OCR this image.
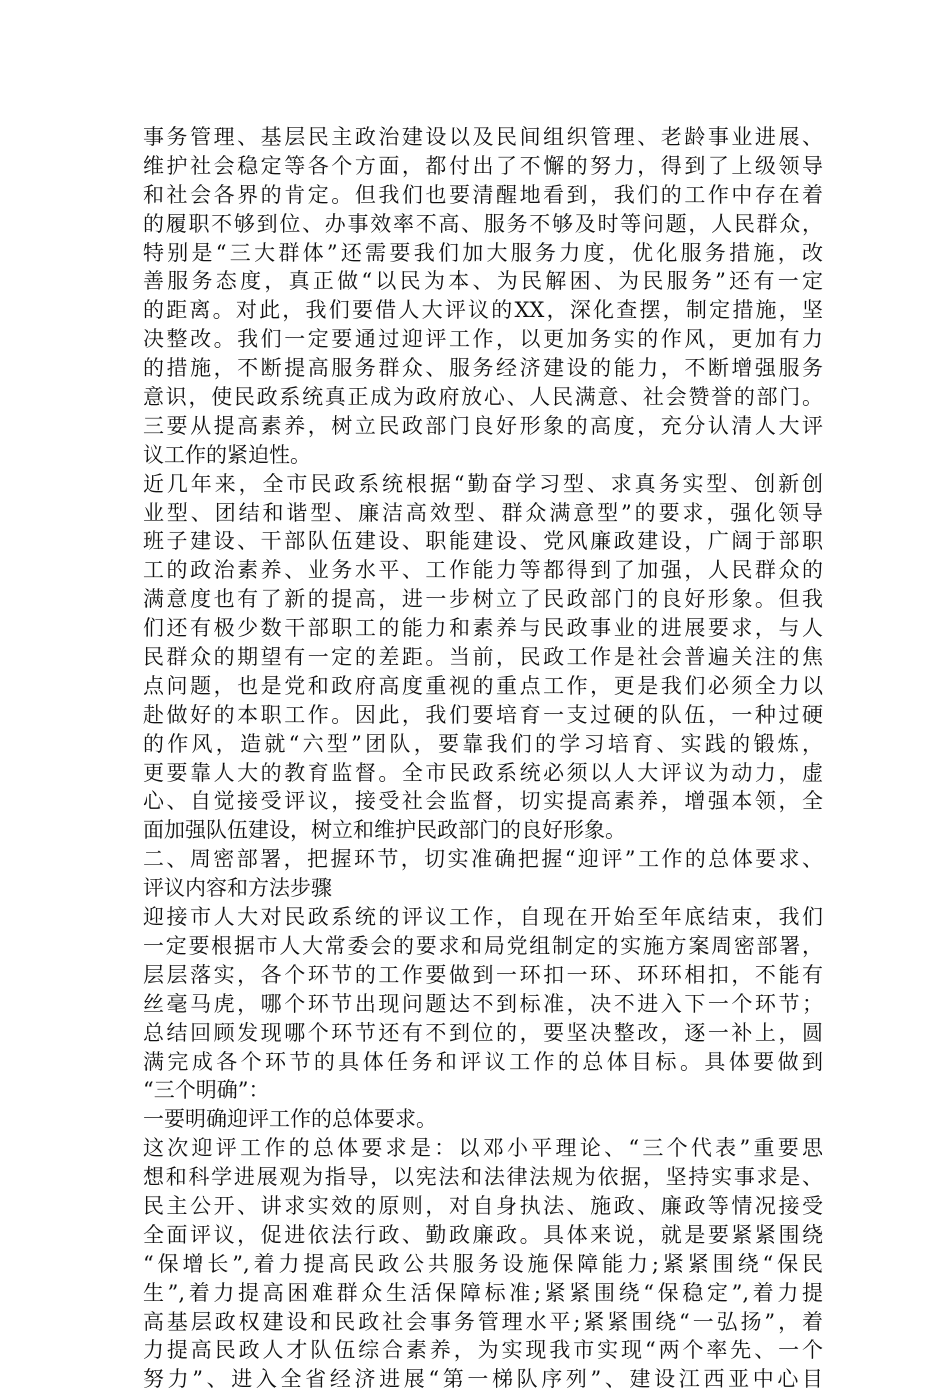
事务管理、基层民主政治建设以及民间组织管理、老龄事业进展、
维护社会稳定等各个方面，都付出了不懈的努力，得到了上级领导
和社会各界的肯定。但我们也要清醒地看到，我们的工作中存在着
的履职不够到位、办事效率不高、服务不够及时等问题，人民群众，
特别是“三大群体”还需要我们加大服务力度，优化服务措施，改
善服务态度，真正做“以民为本、为民解困、为民服务”还有一定
的距离。对此，我们要借人大评议的XX，深化查摆，制定措施，坚
决整改。我们一定要通过迎评工作，以更加务实的作风，更加有力
的措施，不断提高服务群众、服务经济建设的能力，不断增强服务
意识，使民政系统真正成为政府放心、人民满意、社会赞誉的部门。
三要从提高素养，树立民政部门良好形象的高度，充分认清人大评
议工作的紧迫性。
近几年来，全市民政系统根据“勤奋学习型、求真务实型、创新创
业型、团结和谐型、廉洁高效型、群众满意型”的要求，强化领导
班子建设、干部队伍建设、职能建设、党风廉政建设，广阔于部职
工的政治素养、业务水平、工作能力等都得到了加强，人民群众的
满意度也有了新的提高，进一步树立了民政部门的良好形象。但我
们还有极少数干部职工的能力和素养与民政事业的进展要求，与人
民群众的期望有一定的差距。当前，民政工作是社会普遍关注的焦
点问题，也是党和政府高度重视的重点工作，更是我们必须全力以
赴做好的本职工作。因此，我们要培育一支过硬的队伍，一种过硬
的作风，造就“六型”团队，要靠我们的学习培育、实践的锻炼，
更要靠人大的教育监督。全市民政系统必须以人大评议为动力，虚
心、自觉接受评议，接受社会监督，切实提高素养，增强本领，全
面加强队伍建设，树立和维护民政部门的良好形象。
二、周密部署，把握环节，切实准确把握“迎评”工作的总体要求、
评议内容和方法步骤
迎接市人大对民政系统的评议工作，自现在开始至年底结束，我们
一定要根据市人大常委会的要求和局党组制定的实施方案周密部署，
层层落实，各个环节的工作要做到一环扣一环、环环相扣，不能有
丝毫马虎，哪个环节出现问题达不到标准，决不进入下一个环节；
总结回顾发现哪个环节还有不到位的，要坚决整改，逐一补上，圆
满完成各个环节的具体任务和评议工作的总体目标。具体要做到
“三个明确”：
一要明确迎评工作的总体要求。
这次迎评工作的总体要求是：以邓小平理论、“三个代表”重要思
想和科学进展观为指导，以宪法和法律法规为依据，坚持实事求是、
民主公开、讲求实效的原则，对自身执法、施政、廉政等情况接受
全面评议，促进依法行政、勤政廉政。具体来说，就是要紧紧围绕
“保增长”,着力提高民政公共服务设施保障能力;紧紧围绕“保民
生”,着力提高困难群众生活保障标准;紧紧围绕“保稳定”,着力提
高基层政权建设和民政社会事务管理水平;紧紧围绕“一弘扬”，着
力提高民政人才队伍综合素养，为实现我市实现“两个率先、一个
努力”、进入全省经济进展“第一梯队序列”、建设江西亚中心目
